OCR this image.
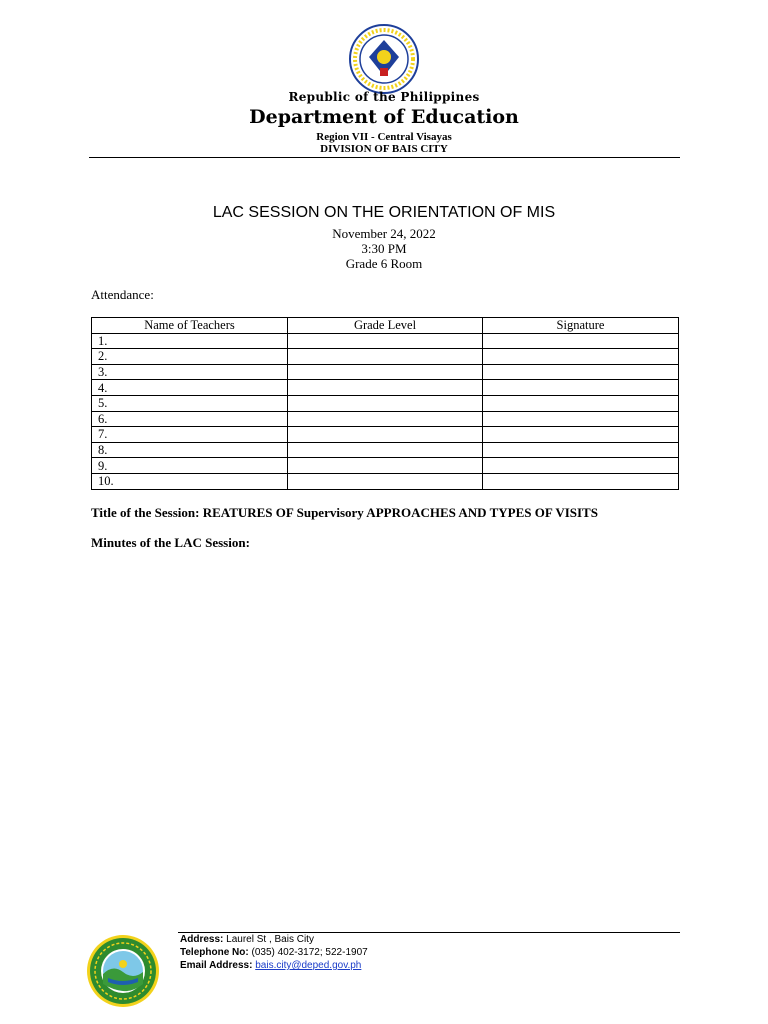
Republic of the Philippines
Department of Education
Region VII - Central Visayas
DIVISION OF BAIS CITY
LAC SESSION ON THE ORIENTATION OF MIS
November 24, 2022
3:30 PM
Grade 6 Room
Attendance:
Name of Teachers	Grade Level	Signature
1.		
2.		
3.		
4.		
5.		
6.		
7.		
8.		
9.		
10.		
Title of the Session: REATURES OF Supervisory APPROACHES AND TYPES OF VISITS
Minutes of the LAC Session:
Address: Laurel St , Bais City
Telephone No: (035) 402-3172; 522-1907
Email Address: bais.city@deped.gov.ph
